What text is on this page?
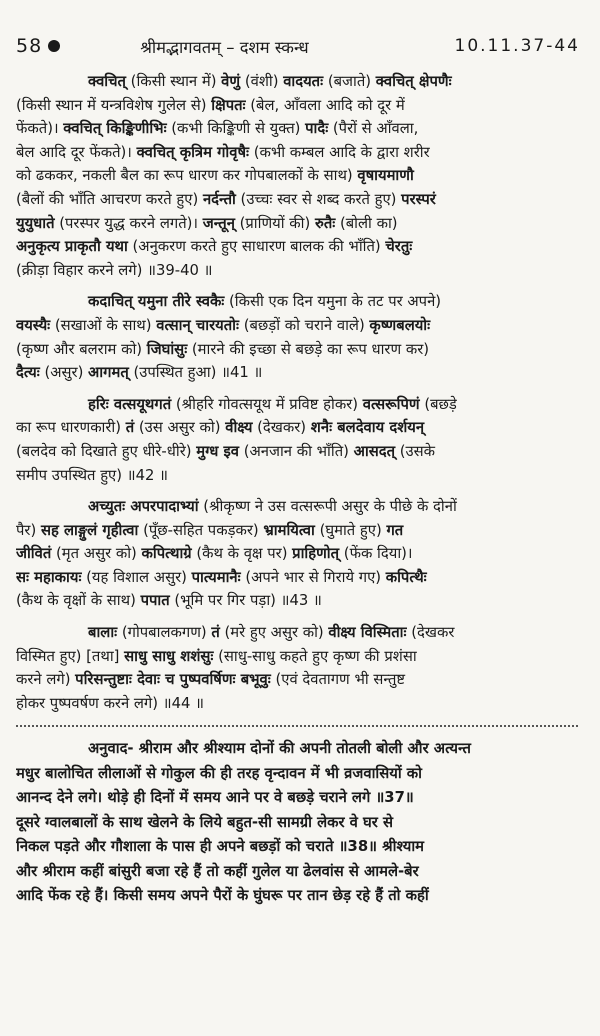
58	श्रीमद्भागवतम् – दशम स्कन्ध	10.11.37-44
क्वचित् (किसी स्थान में) वेणुं (वंशी) वादयतः (बजाते) क्वचित् क्षेपणैः
(किसी स्थान में यन्त्रविशेष गुलेल से) क्षिपतः (बेल, आँवला आदि को दूर में
फेंकते)। क्वचित् किङ्किणीभिः (कभी किङ्किणी से युक्त) पादैः (पैरों से आँवला,
बेल आदि दूर फेंकते)। क्वचित् कृत्रिम गोवृषैः (कभी कम्बल आदि के द्वारा शरीर
को ढककर, नकली बैल का रूप धारण कर गोपबालकों के साथ) वृषायमाणौ
(बैलों की भाँति आचरण करते हुए) नर्दन्तौ (उच्चः स्वर से शब्द करते हुए) परस्परं
युयुधाते (परस्पर युद्ध करने लगते)। जन्तून् (प्राणियों की) रुतैः (बोली का)
अनुकृत्य प्राकृतौ यथा (अनुकरण करते हुए साधारण बालक की भाँति) चेरतुः
(क्रीड़ा विहार करने लगे) ॥39-40 ॥
कदाचित् यमुना तीरे स्वकैः (किसी एक दिन यमुना के तट पर अपने)
वयस्यैः (सखाओं के साथ) वत्सान् चारयतोः (बछड़ों को चराने वाले) कृष्णबलयोः
(कृष्ण और बलराम को) जिघांसुः (मारने की इच्छा से बछड़े का रूप धारण कर)
दैत्यः (असुर) आगमत् (उपस्थित हुआ) ॥41 ॥
हरिः वत्सयूथगतं (श्रीहरि गोवत्सयूथ में प्रविष्ट होकर) वत्सरूपिणं (बछड़े
का रूप धारणकारी) तं (उस असुर को) वीक्ष्य (देखकर) शनैः बलदेवाय दर्शयन्
(बलदेव को दिखाते हुए धीरे-धीरे) मुग्ध इव (अनजान की भाँति) आसदत् (उसके
समीप उपस्थित हुए) ॥42 ॥
अच्युतः अपरपादाभ्यां (श्रीकृष्ण ने उस वत्सरूपी असुर के पीछे के दोनों
पैर) सह लाङ्गुलं गृहीत्वा (पूँछ-सहित पकड़कर) भ्रामयित्वा (घुमाते हुए) गत
जीवितं (मृत असुर को) कपित्थाग्रे (कैथ के वृक्ष पर) प्राहिणोत् (फेंक दिया)।
सः महाकायः (यह विशाल असुर) पात्यमानैः (अपने भार से गिराये गए) कपित्थैः
(कैथ के वृक्षों के साथ) पपात (भूमि पर गिर पड़ा) ॥43 ॥
बालाः (गोपबालकगण) तं (मरे हुए असुर को) वीक्ष्य विस्मिताः (देखकर
विस्मित हुए) [तथा] साधु साधु शशंसुः (साधु-साधु कहते हुए कृष्ण की प्रशंसा
करने लगे) परिसन्तुष्टाः देवाः च पुष्पवर्षिणः बभूवुः (एवं देवतागण भी सन्तुष्ट
होकर पुष्पवर्षण करने लगे) ॥44 ॥
अनुवाद- श्रीराम और श्रीश्याम दोनों की अपनी तोतली बोली और अत्यन्त
मधुर बालोचित लीलाओं से गोकुल की ही तरह वृन्दावन में भी व्रजवासियों को
आनन्द देने लगे। थोड़े ही दिनों में समय आने पर वे बछड़े चराने लगे ॥37॥
दूसरे ग्वालबालों के साथ खेलने के लिये बहुत-सी सामग्री लेकर वे घर से
निकल पड़ते और गौशाला के पास ही अपने बछड़ों को चराते ॥38॥ श्रीश्याम
और श्रीराम कहीं बांसुरी बजा रहे हैं तो कहीं गुलेल या ढेलवांस से आमले-बेर
आदि फेंक रहे हैं। किसी समय अपने पैरों के घुंघरू पर तान छेड़ रहे हैं तो कहीं
